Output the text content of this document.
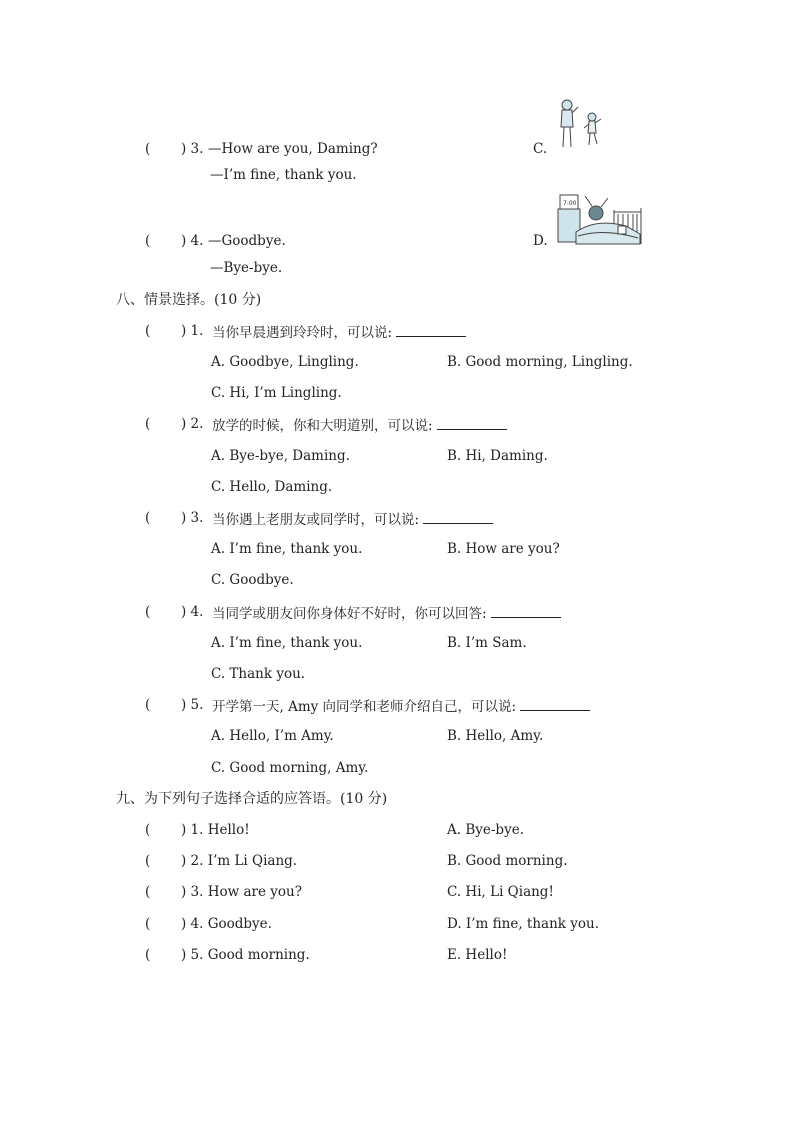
( ) 3. —How are you, Daming?
—I’m fine, thank you.
C.
( ) 4. —Goodbye.
—Bye-bye.
D.
7:00
八、情景选择。(10 分)
( ) 1. 当你早晨遇到玲玲时，可以说:
A. Goodbye, Lingling.	B. Good morning, Lingling.
C. Hi, I’m Lingling.
( ) 2. 放学的时候，你和大明道别，可以说:
A. Bye-bye, Daming.	B. Hi, Daming.
C. Hello, Daming.
( ) 3. 当你遇上老朋友或同学时，可以说:
A. I’m fine, thank you.	B. How are you?
C. Goodbye.
( ) 4. 当同学或朋友问你身体好不好时，你可以回答:
A. I’m fine, thank you.	B. I’m Sam.
C. Thank you.
( ) 5. 开学第一天, Amy 向同学和老师介绍自己，可以说:
A. Hello, I’m Amy.	B. Hello, Amy.
C. Good morning, Amy.
九、为下列句子选择合适的应答语。(10 分)
( ) 1. Hello!	A. Bye-bye.
( ) 2. I’m Li Qiang.	B. Good morning.
( ) 3. How are you?	C. Hi, Li Qiang!
( ) 4. Goodbye.	D. I’m fine, thank you.
( ) 5. Good morning.	E. Hello!
